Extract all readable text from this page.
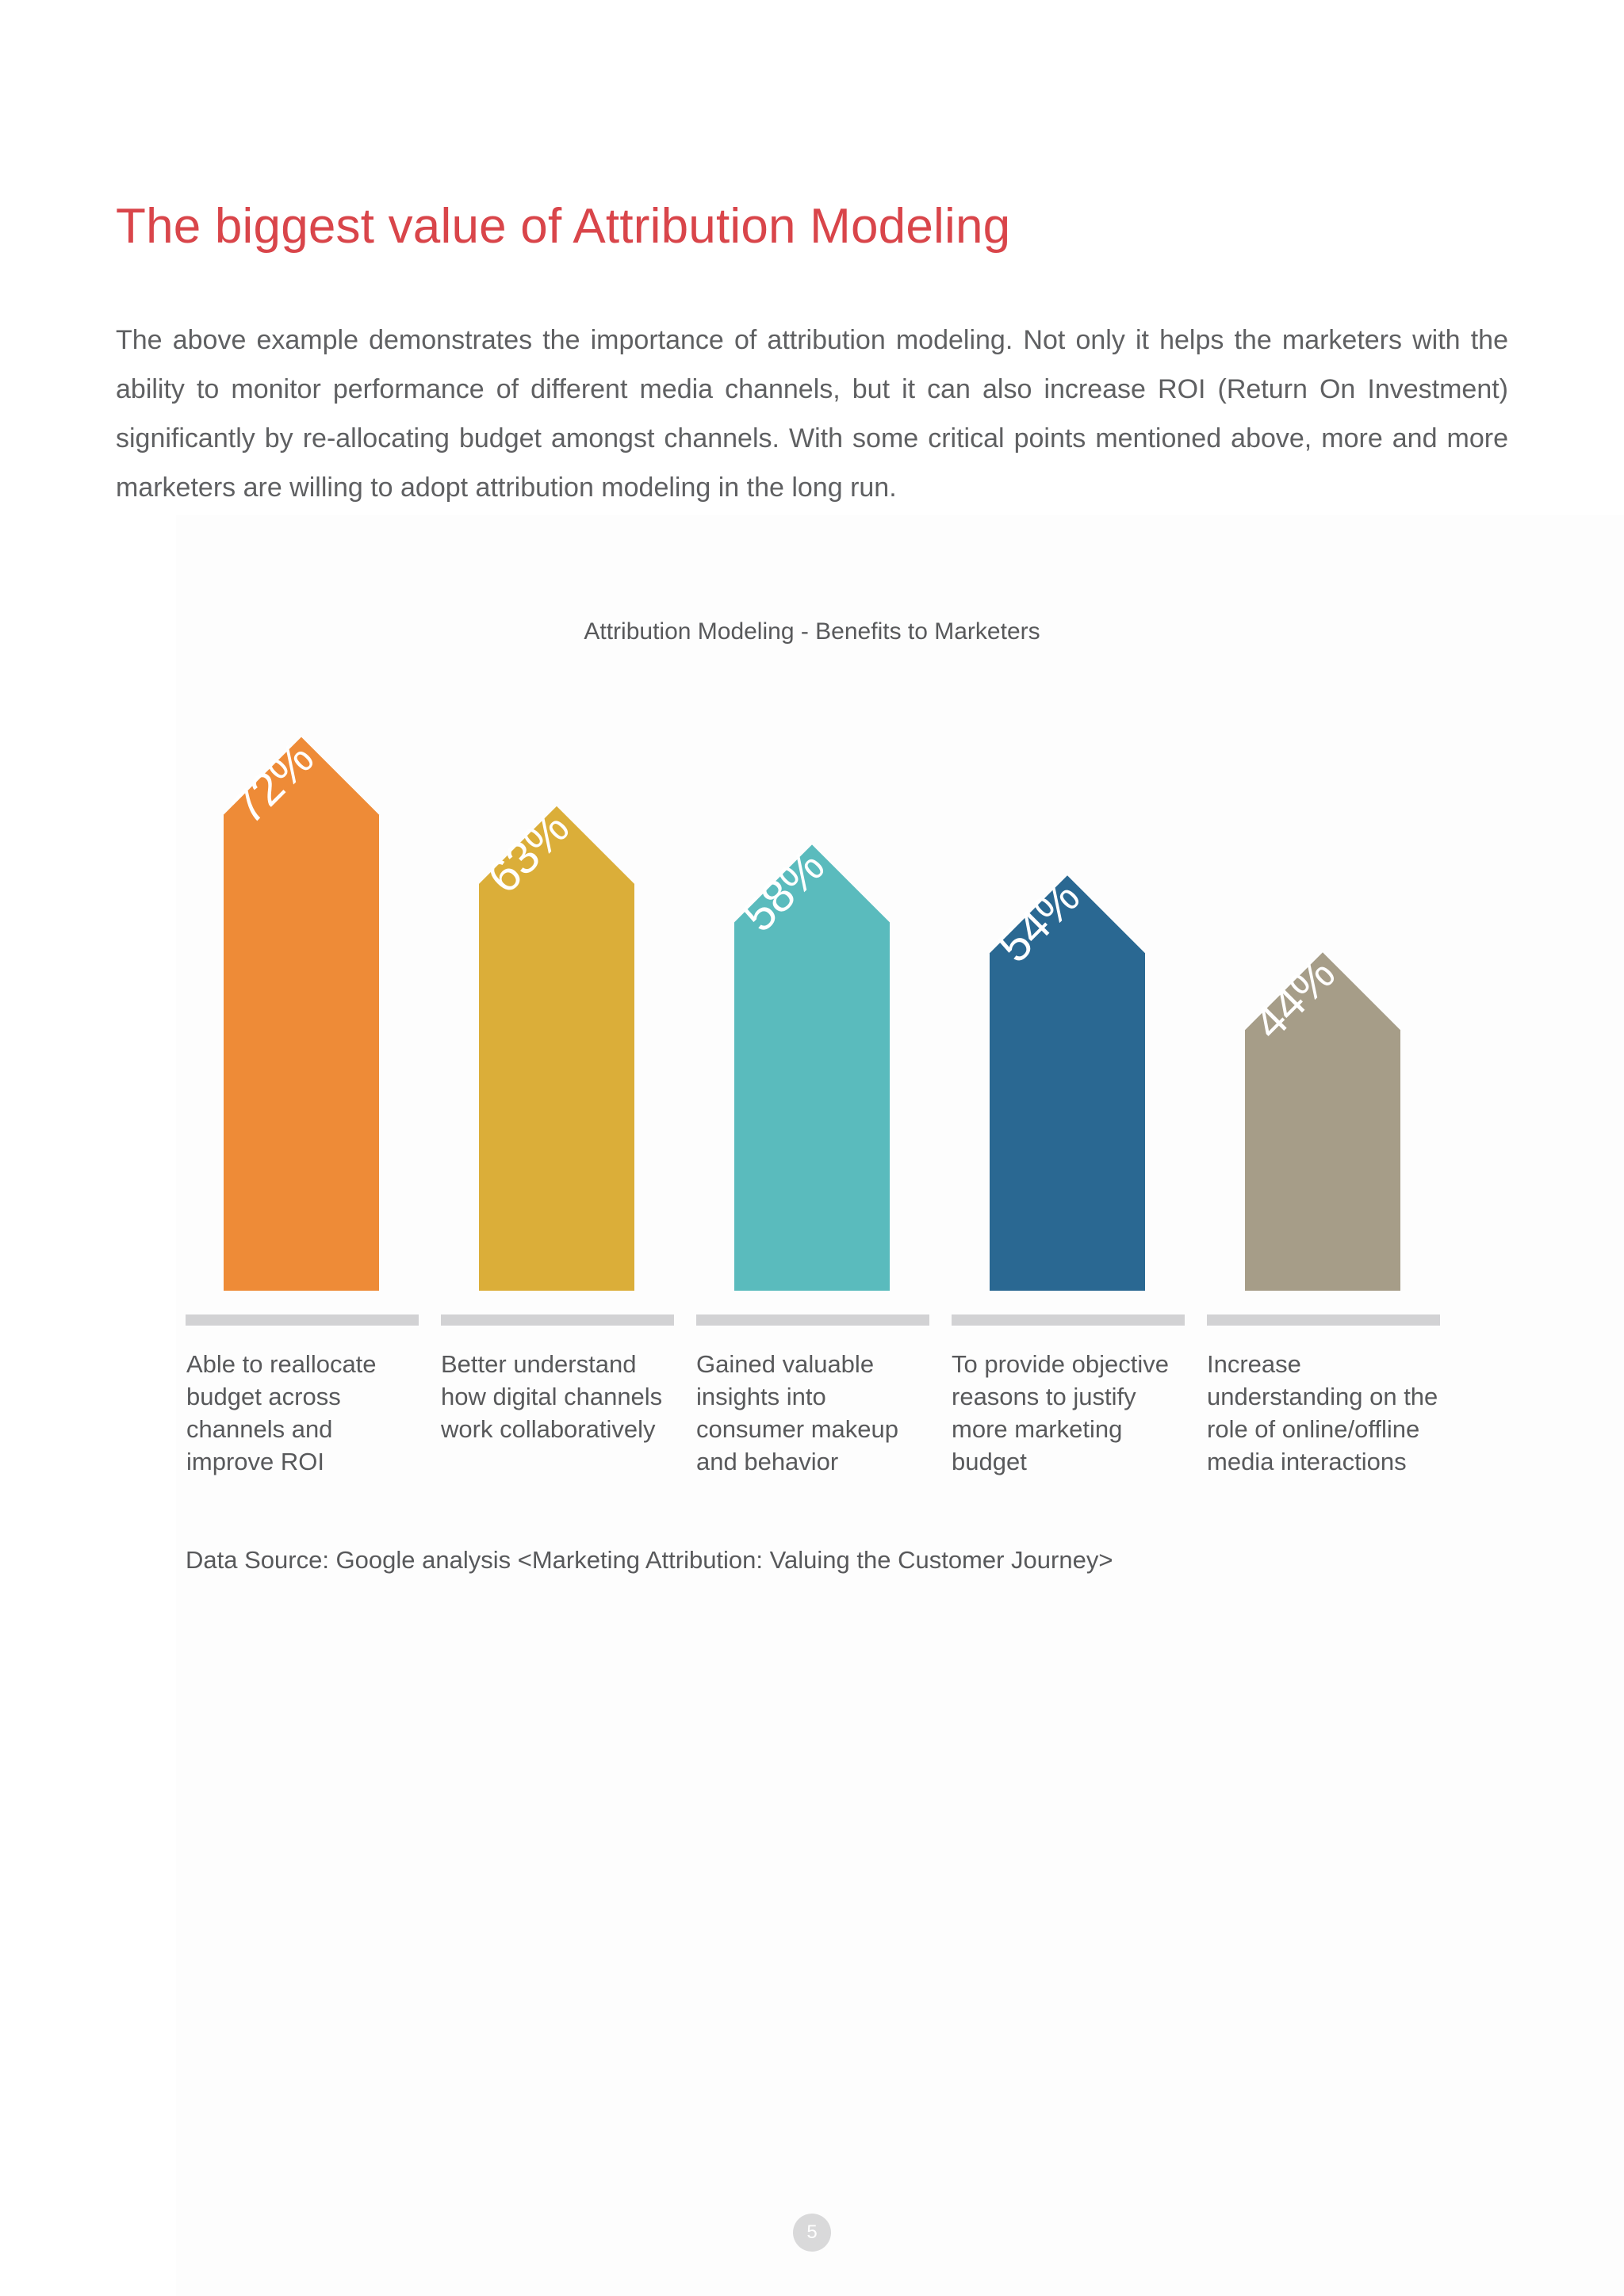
The biggest value of Attribution Modeling

The above example demonstrates the importance of attribution modeling. Not only it helps the marketers with the ability to monitor performance of different media channels, but it can also increase ROI (Return On Investment) significantly by re-allocating budget amongst channels. With some critical points mentioned above, more and more marketers are willing to adopt attribution modeling in the long run.

Attribution Modeling - Benefits to Marketers

72%
63%	58%	54%
44%

Able to reallocate budget across channels and improve ROI

Better understand how digital channels work collaboratively

Gained valuable insights into consumer makeup and behavior

To provide objective reasons to justify more marketing budget

Increase understanding on the role of online/offline media interactions

Data Source: Google analysis <Marketing Attribution: Valuing the Customer Journey>

5
